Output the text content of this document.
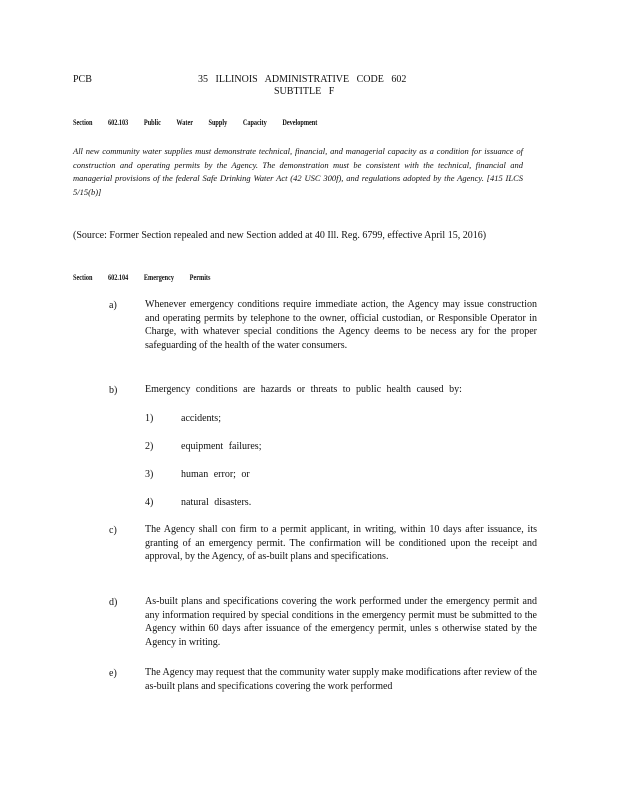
PCB	35 ILLINOIS ADMINISTRATIVE CODE 602
SUBTITLE F
Section 602.103 Public Water Supply Capacity Development
All new community water supplies must demonstrate technical, financial, and managerial capacity as a condition for issuance of construction and operating permits by the Agency. The demonstration must be consistent with the technical, financial and managerial provisions of the federal Safe Drinking Water Act (42 USC 300f), and regulations adopted by the Agency. [415 ILCS 5/15(b)]
(Source: Former Section repealed and new Section added at 40 Ill. Reg. 6799, effective April 15, 2016)
Section 602.104 Emergency Permits
a)	Whenever emergency conditions require immediate action, the Agency may issue construction and operating permits by telephone to the owner, official custodian, or Responsible Operator in Charge, with whatever special conditions the Agency deems to be necess ary for the proper safeguarding of the health of the water consumers.
b)	Emergency conditions are hazards or threats to public health caused by:
1)	accidents;
2)	equipment failures;
3)	human error; or
4)	natural disasters.
c)	The Agency shall con firm to a permit applicant, in writing, within 10 days after issuance, its granting of an emergency permit. The confirmation will be conditioned upon the receipt and approval, by the Agency, of as-built plans and specifications.
d)	As-built plans and specifications covering the work performed under the emergency permit and any information required by special conditions in the emergency permit must be submitted to the Agency within 60 days after issuance of the emergency permit, unles s otherwise stated by the Agency in writing.
e)	The Agency may request that the community water supply make modifications after review of the as-built plans and specifications covering the work performed
